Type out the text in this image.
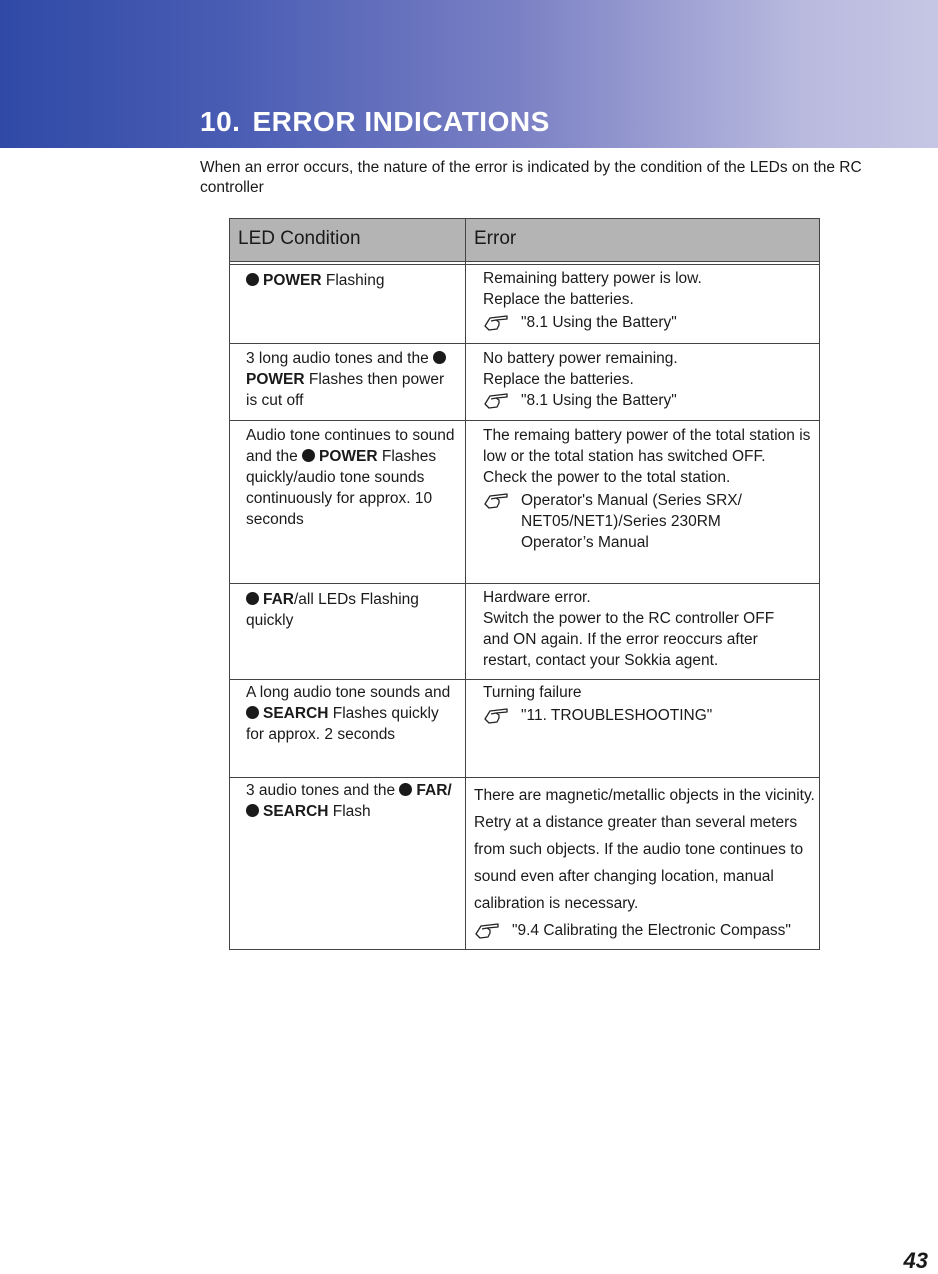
10. ERROR INDICATIONS

When an error occurs, the nature of the error is indicated by the condition of the LEDs on the RC controller

LED Condition	Error
POWER Flashing	Remaining battery power is low.
Replace the batteries.
"8.1 Using the Battery"
3 long audio tones and the POWER Flashes then power is cut off
No battery power remaining.
Replace the batteries.
"8.1 Using the Battery"
Audio tone continues to sound and the POWER Flashes quickly/audio tone sounds continuously for approx. 10 seconds
The remaing battery power of the total station is low or the total station has switched OFF.
Check the power to the total station.
Operator's Manual (Series SRX/ NET05/NET1)/Series 230RM Operator’s Manual
FAR/all LEDs Flashing quickly
Hardware error.
Switch the power to the RC controller OFF and ON again. If the error reoccurs after restart, contact your Sokkia agent.
A long audio tone sounds and SEARCH Flashes quickly for approx. 2 seconds
Turning failure
"11. TROUBLESHOOTING"
3 audio tones and the FAR/ SEARCH Flash
There are magnetic/metallic objects in the vicinity. Retry at a distance greater than several meters from such objects. If the audio tone continues to sound even after changing location, manual calibration is necessary.
"9.4 Calibrating the Electronic Compass"

43
